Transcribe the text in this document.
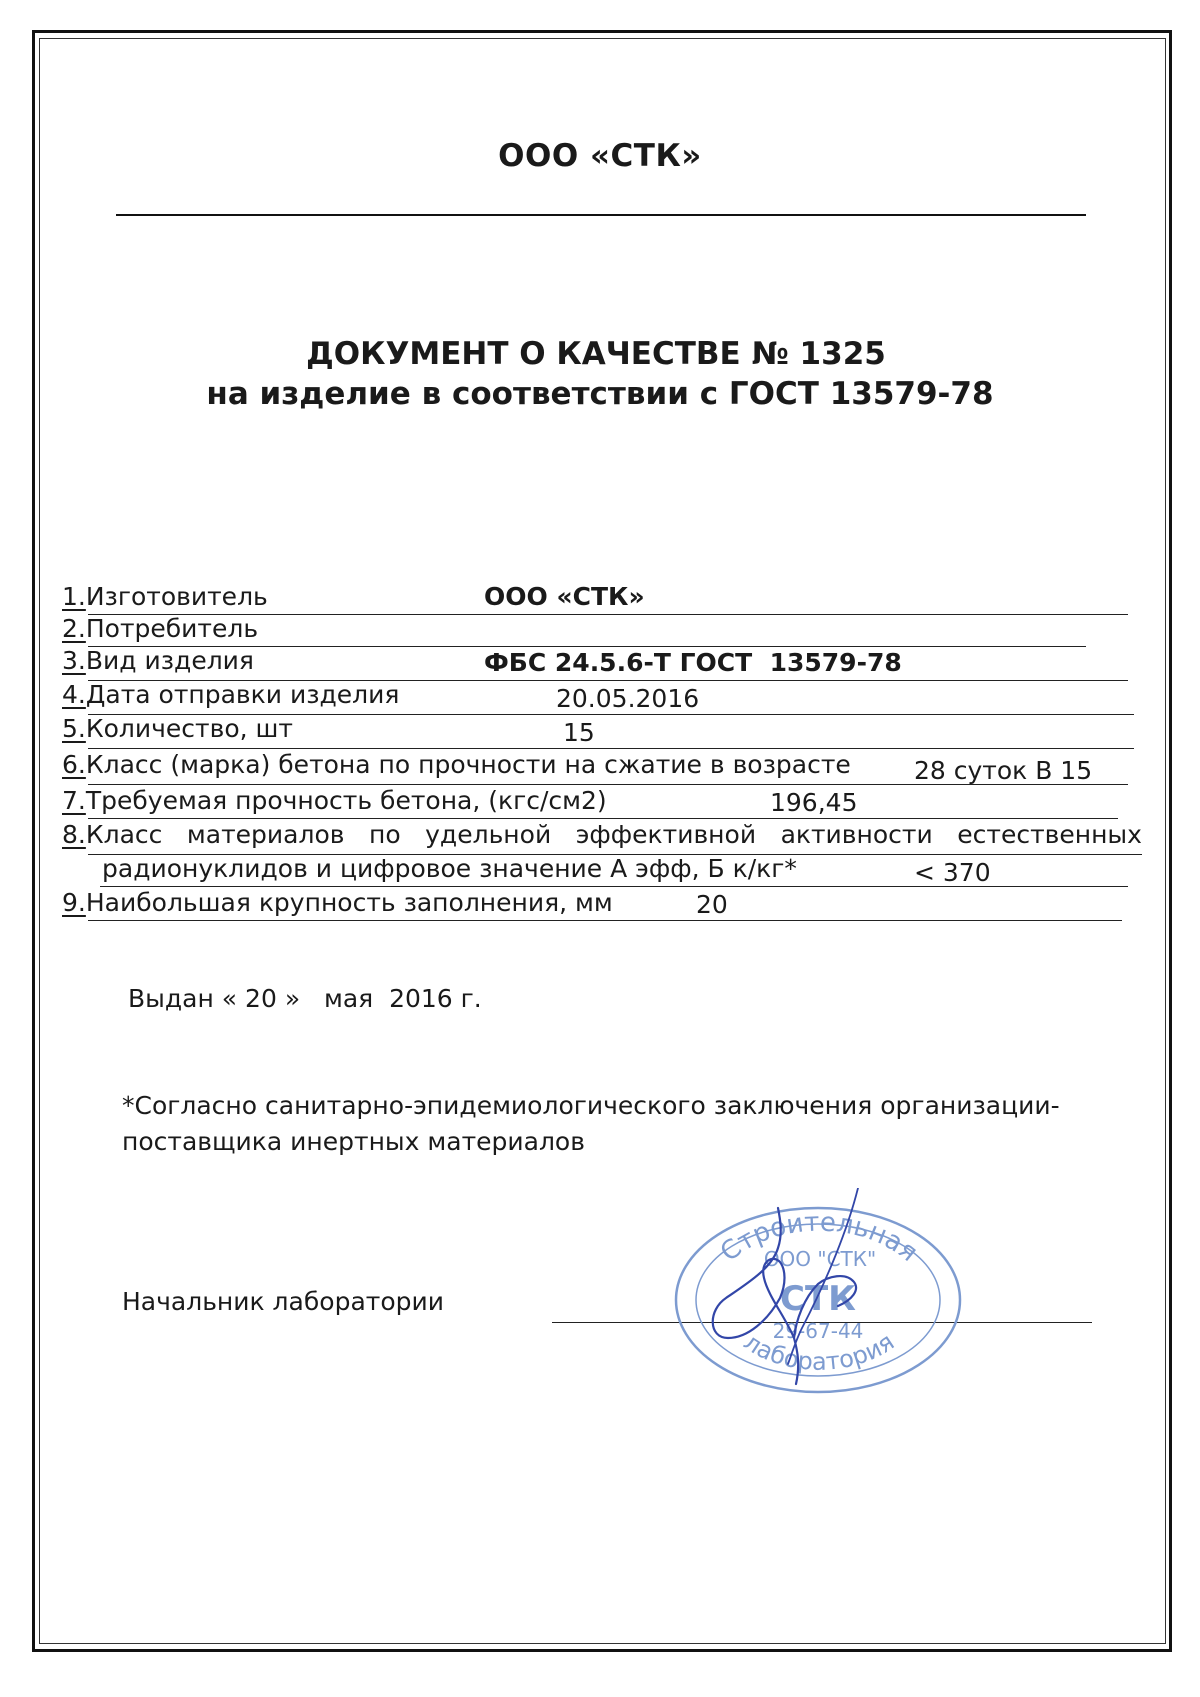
ООО «СТК»
ДОКУМЕНТ О КАЧЕСТВЕ № 1325
на изделие в соответствии с ГОСТ 13579-78
1.Изготовитель	ООО «СТК»
2.Потребитель
3.Вид изделия	ФБС 24.5.6-Т ГОСТ  13579-78
4.Дата отправки изделия	20.05.2016
5.Количество, шт	15
6.Класс (марка) бетона по прочности на сжатие в возрасте	28 суток В 15
7.Требуемая прочность бетона, (кгс/см2)	196,45
8.Класс материалов по удельной эффективной активности естественных
радионуклидов и цифровое значение А эфф, Б к/кг*	< 370
9.Наибольшая крупность заполнения, мм	20
Выдан « 20 » мая 2016 г.
*Согласно санитарно-эпидемиологического заключения организации-
поставщика инертных материалов
Начальник лаборатории
Строительная
ООО "СТК"
СТК
29-67-44
лаборатория
